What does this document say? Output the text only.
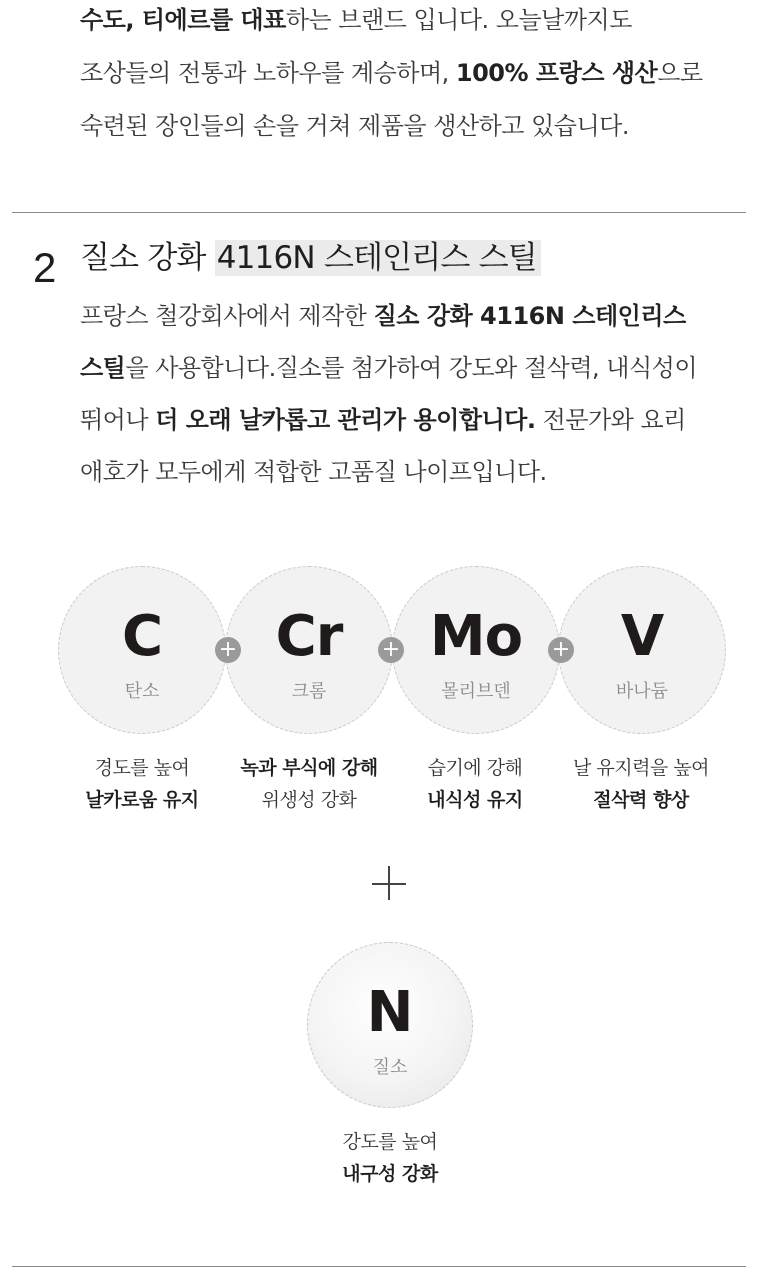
수도, 티에르를 대표하는 브랜드 입니다. 오늘날까지도

조상들의 전통과 노하우를 계승하며, 100% 프랑스 생산으로

숙련된 장인들의 손을 거쳐 제품을 생산하고 있습니다.

2 질소 강화 4116N 스테인리스 스틸

프랑스 철강회사에서 제작한 질소 강화 4116N 스테인리스

스틸을 사용합니다.질소를 첨가하여 강도와 절삭력, 내식성이

뛰어나 더 오래 날카롭고 관리가 용이합니다. 전문가와 요리

애호가 모두에게 적합한 고품질 나이프입니다.

C
탄소
Cr
크롬
Mo
몰리브덴
V
바나듐
+	+	+
경도를 높여
날카로움 유지
녹과 부식에 강해
위생성 강화
습기에 강해
내식성 유지
날 유지력을 높여
절삭력 향상
N
질소
강도를 높여
내구성 강화
